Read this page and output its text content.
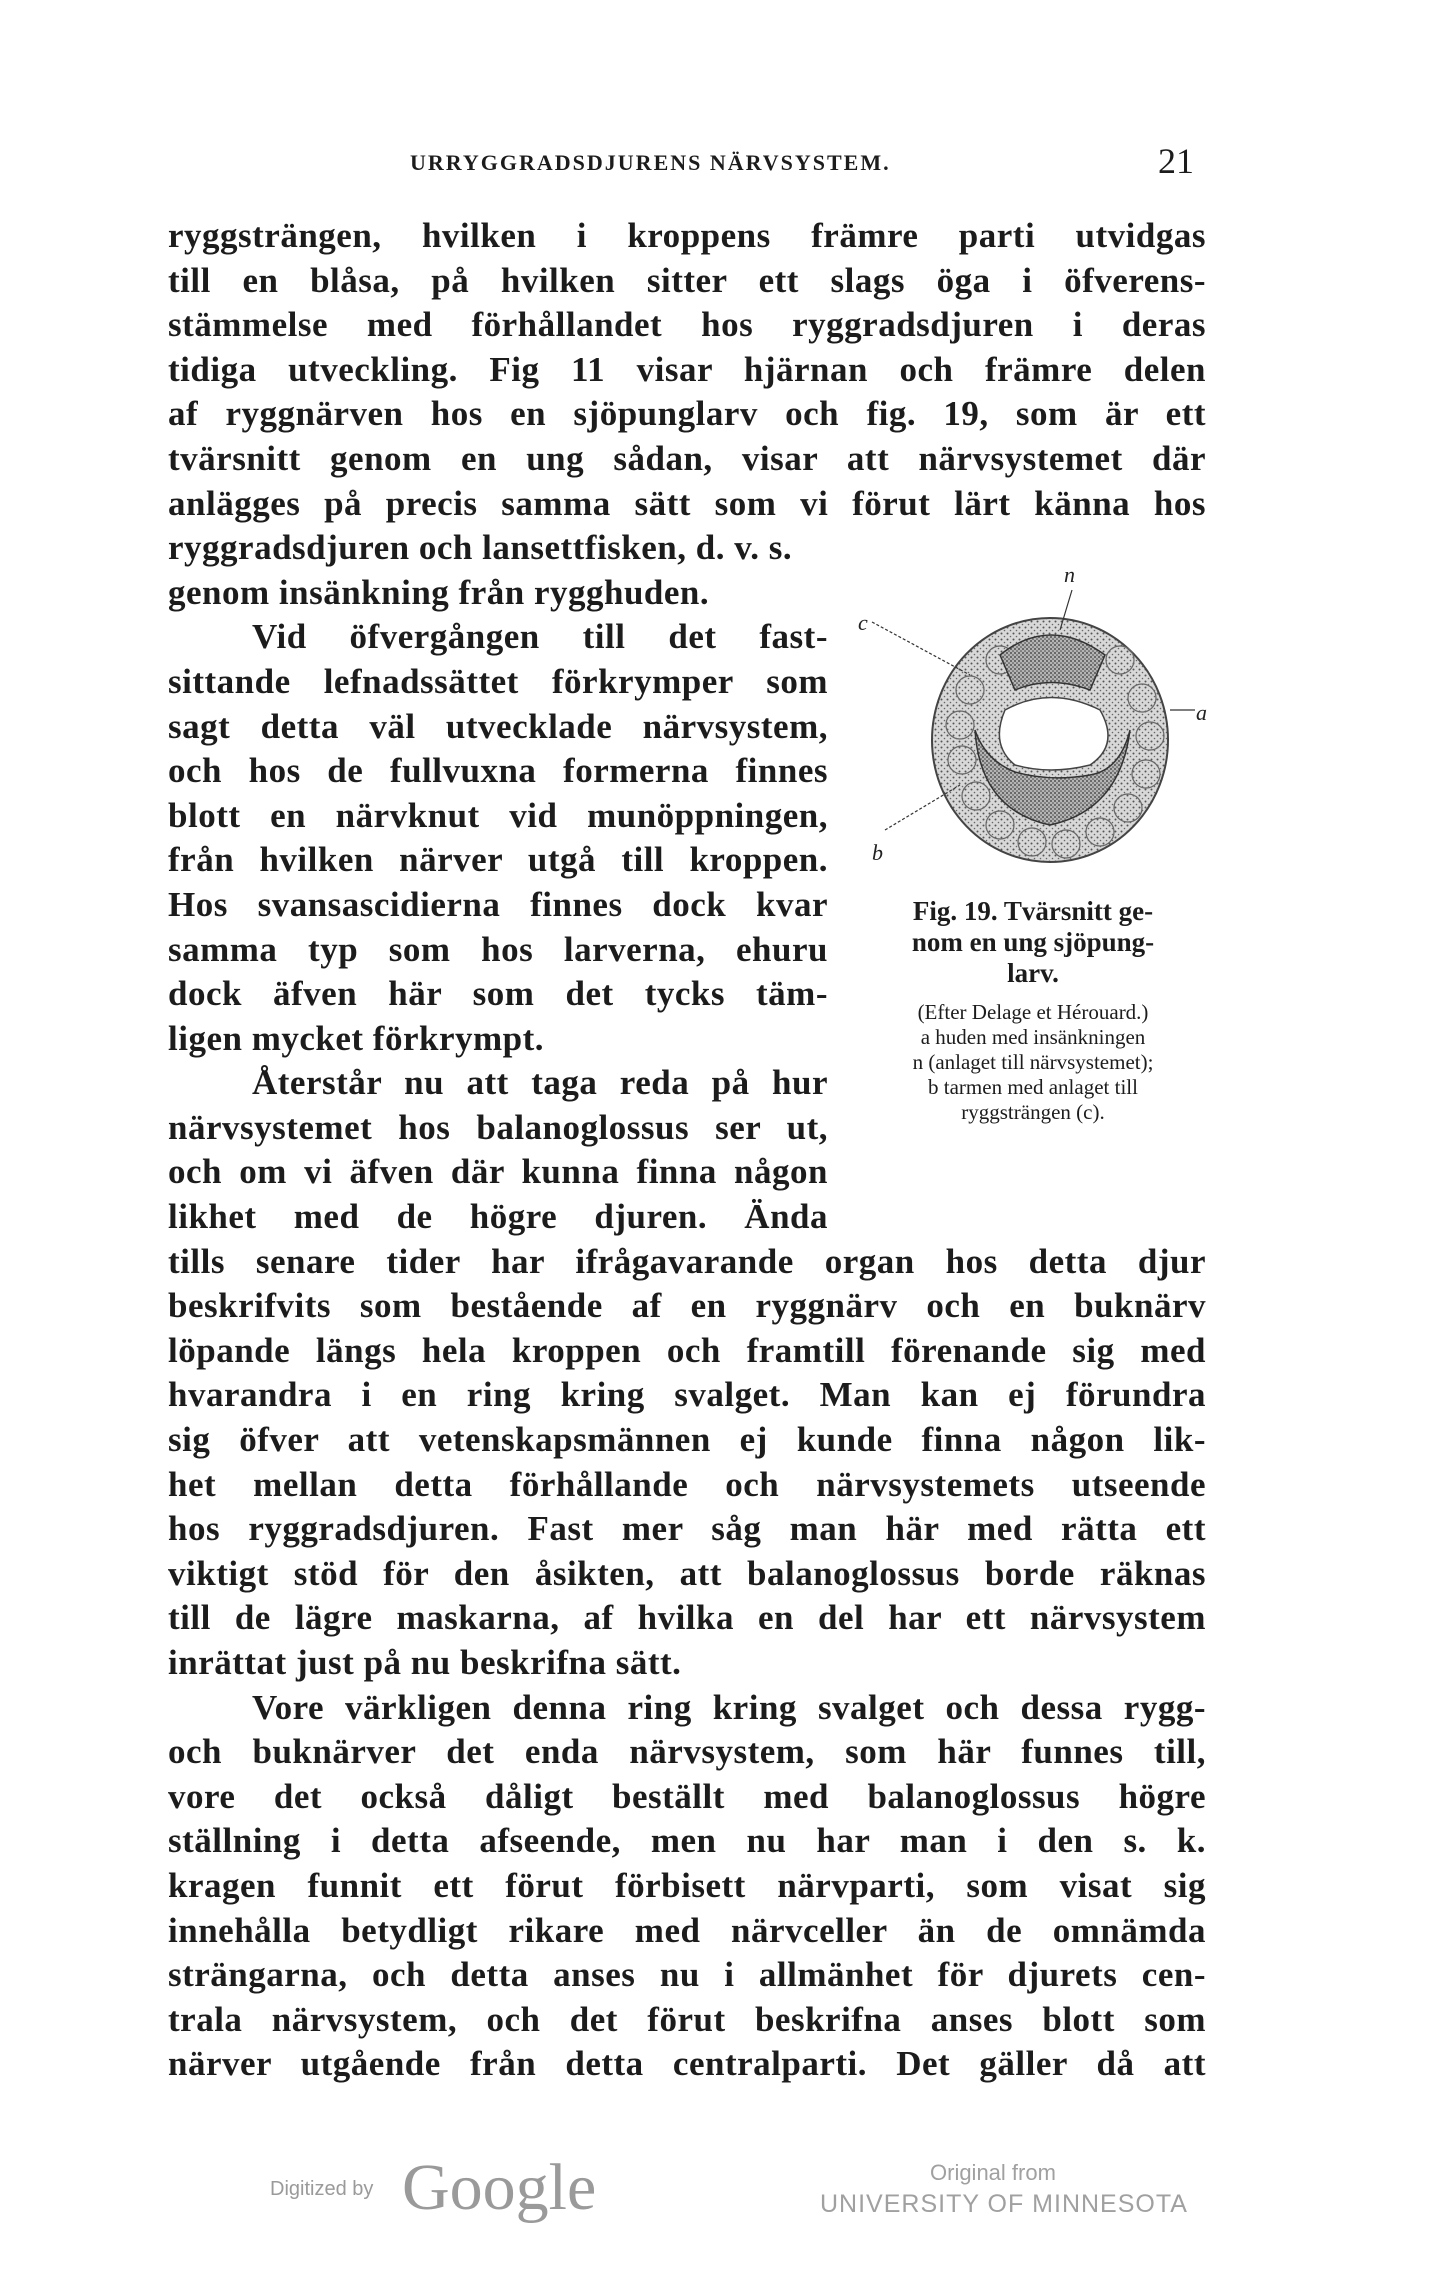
URRYGGRADSDJURENS NÄRVSYSTEM.	21
ryggsträngen, hvilken i kroppens främre parti utvidgas
till en blåsa, på hvilken sitter ett slags öga i öfverens-
stämmelse med förhållandet hos ryggradsdjuren i deras
tidiga utveckling. Fig 11 visar hjärnan och främre delen
af ryggnärven hos en sjöpunglarv och fig. 19, som är ett
tvärsnitt genom en ung sådan, visar att närvsystemet där
anlägges på precis samma sätt som vi förut lärt känna hos
ryggradsdjuren och lansettfisken, d. v. s.
genom insänkning från rygghuden.
Vid öfvergången till det fast-
sittande lefnadssättet förkrymper som
sagt detta väl utvecklade närvsystem,
och hos de fullvuxna formerna finnes
blott en närvknut vid munöppningen,
från hvilken närver utgå till kroppen.
Hos svansascidierna finnes dock kvar
samma typ som hos larverna, ehuru
dock äfven här som det tycks täm-
ligen mycket förkrympt.
Återstår nu att taga reda på hur
närvsystemet hos balanoglossus ser ut,
och om vi äfven där kunna finna någon
likhet med de högre djuren. Ända
tills senare tider har ifrågavarande organ hos detta djur
beskrifvits som bestående af en ryggnärv och en buknärv
löpande längs hela kroppen och framtill förenande sig med
hvarandra i en ring kring svalget. Man kan ej förundra
sig öfver att vetenskapsmännen ej kunde finna någon lik-
het mellan detta förhållande och närvsystemets utseende
hos ryggradsdjuren. Fast mer såg man här med rätta ett
viktigt stöd för den åsikten, att balanoglossus borde räknas
till de lägre maskarna, af hvilka en del har ett närvsystem
inrättat just på nu beskrifna sätt.
Vore värkligen denna ring kring svalget och dessa rygg-
och buknärver det enda närvsystem, som här funnes till,
vore det också dåligt beställt med balanoglossus högre
ställning i detta afseende, men nu har man i den s. k.
kragen funnit ett förut förbisett närvparti, som visat sig
innehålla betydligt rikare med närvceller än de omnämda
strängarna, och detta anses nu i allmänhet för djurets cen-
trala närvsystem, och det förut beskrifna anses blott som
närver utgående från detta centralparti. Det gäller då att
n
c
a
b
Fig. 19. Tvärsnitt ge-
nom en ung sjöpung-
larv.
(Efter Delage et Hérouard.)
a huden med insänkningen
n (anlaget till närvsystemet);
b tarmen med anlaget till
ryggsträngen (c).
Digitized by Google	Original from
UNIVERSITY OF MINNESOTA
